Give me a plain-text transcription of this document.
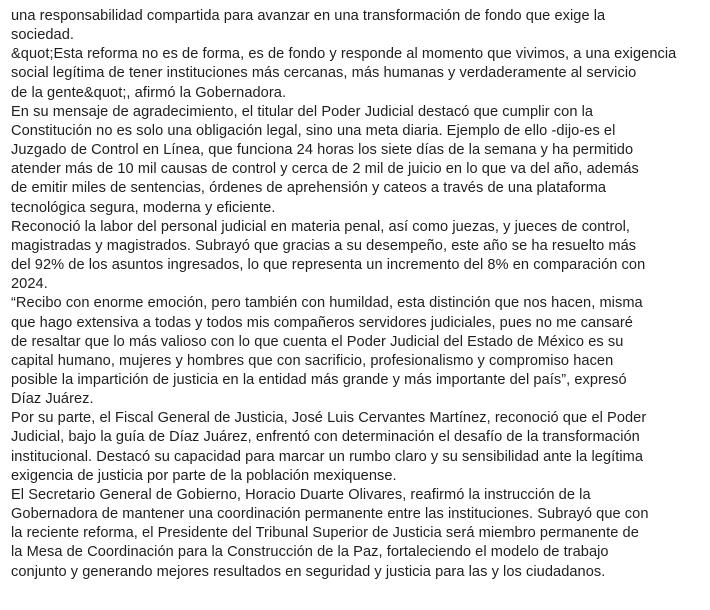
una responsabilidad compartida para avanzar en una transformación de fondo que exige la
sociedad.
&quot;Esta reforma no es de forma, es de fondo y responde al momento que vivimos, a una exigencia
social legítima de tener instituciones más cercanas, más humanas y verdaderamente al servicio
de la gente&quot;, afirmó la Gobernadora.
En su mensaje de agradecimiento, el titular del Poder Judicial destacó que cumplir con la
Constitución no es solo una obligación legal, sino una meta diaria. Ejemplo de ello -dijo-es el
Juzgado de Control en Línea, que funciona 24 horas los siete días de la semana y ha permitido
atender más de 10 mil causas de control y cerca de 2 mil de juicio en lo que va del año, además
de emitir miles de sentencias, órdenes de aprehensión y cateos a través de una plataforma
tecnológica segura, moderna y eficiente.
Reconoció la labor del personal judicial en materia penal, así como juezas, y jueces de control,
magistradas y magistrados. Subrayó que gracias a su desempeño, este año se ha resuelto más
del 92% de los asuntos ingresados, lo que representa un incremento del 8% en comparación con
2024.
“Recibo con enorme emoción, pero también con humildad, esta distinción que nos hacen, misma
que hago extensiva a todas y todos mis compañeros servidores judiciales, pues no me cansaré
de resaltar que lo más valioso con lo que cuenta el Poder Judicial del Estado de México es su
capital humano, mujeres y hombres que con sacrificio, profesionalismo y compromiso hacen
posible la impartición de justicia en la entidad más grande y más importante del país”, expresó
Díaz Juárez.
Por su parte, el Fiscal General de Justicia, José Luis Cervantes Martínez, reconoció que el Poder
Judicial, bajo la guía de Díaz Juárez, enfrentó con determinación el desafío de la transformación
institucional. Destacó su capacidad para marcar un rumbo claro y su sensibilidad ante la legítima
exigencia de justicia por parte de la población mexiquense.
El Secretario General de Gobierno, Horacio Duarte Olivares, reafirmó la instrucción de la
Gobernadora de mantener una coordinación permanente entre las instituciones. Subrayó que con
la reciente reforma, el Presidente del Tribunal Superior de Justicia será miembro permanente de
la Mesa de Coordinación para la Construcción de la Paz, fortaleciendo el modelo de trabajo
conjunto y generando mejores resultados en seguridad y justicia para las y los ciudadanos.
